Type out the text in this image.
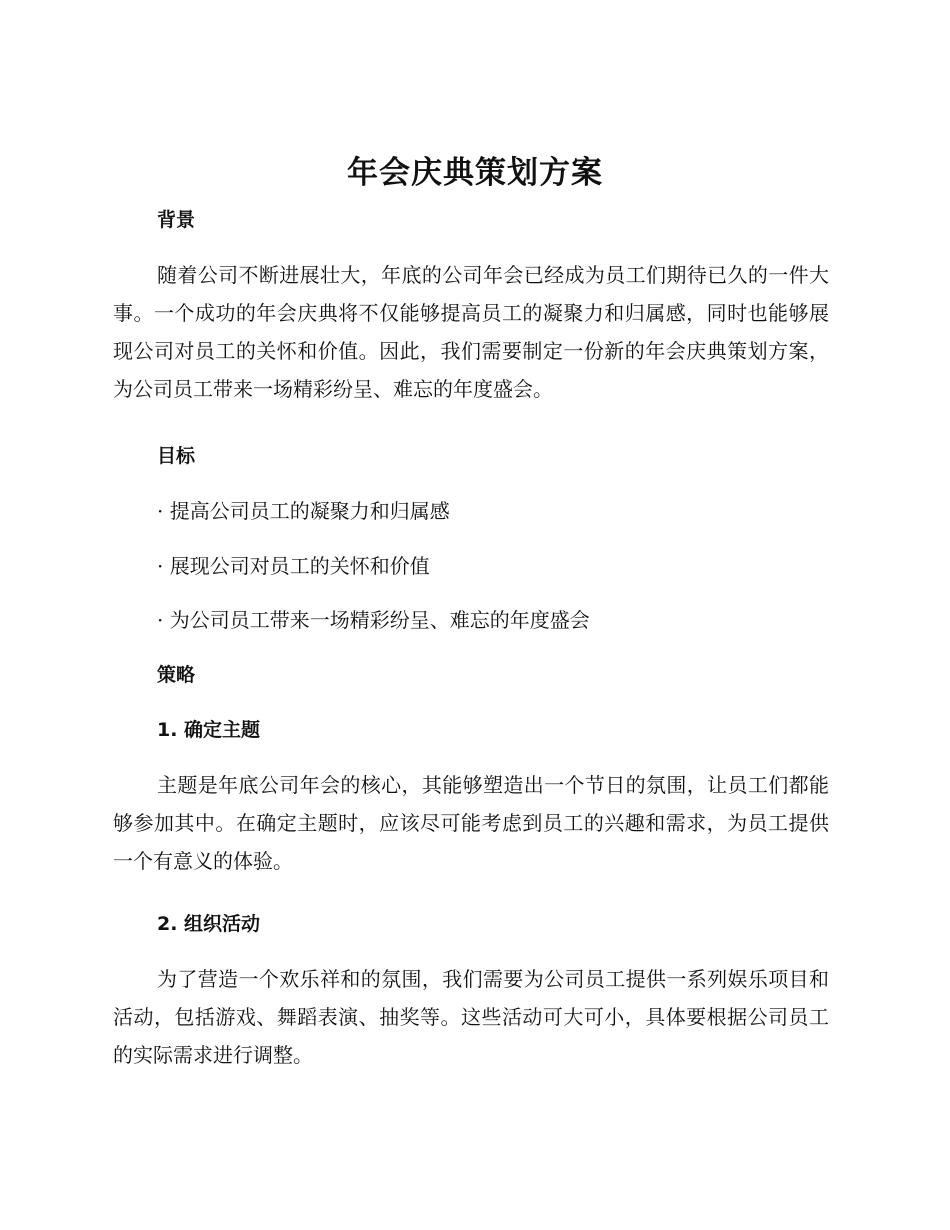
年会庆典策划方案
背景

随着公司不断进展壮大，年底的公司年会已经成为员工们期待已久的一件大事。一个成功的年会庆典将不仅能够提高员工的凝聚力和归属感，同时也能够展现公司对员工的关怀和价值。因此，我们需要制定一份新的年会庆典策划方案，为公司员工带来一场精彩纷呈、难忘的年度盛会。

目标

· 提高公司员工的凝聚力和归属感

· 展现公司对员工的关怀和价值

· 为公司员工带来一场精彩纷呈、难忘的年度盛会

策略
1. 确定主题

主题是年底公司年会的核心，其能够塑造出一个节日的氛围，让员工们都能够参加其中。在确定主题时，应该尽可能考虑到员工的兴趣和需求，为员工提供一个有意义的体验。

2. 组织活动

为了营造一个欢乐祥和的氛围，我们需要为公司员工提供一系列娱乐项目和活动，包括游戏、舞蹈表演、抽奖等。这些活动可大可小，具体要根据公司员工的实际需求进行调整。
